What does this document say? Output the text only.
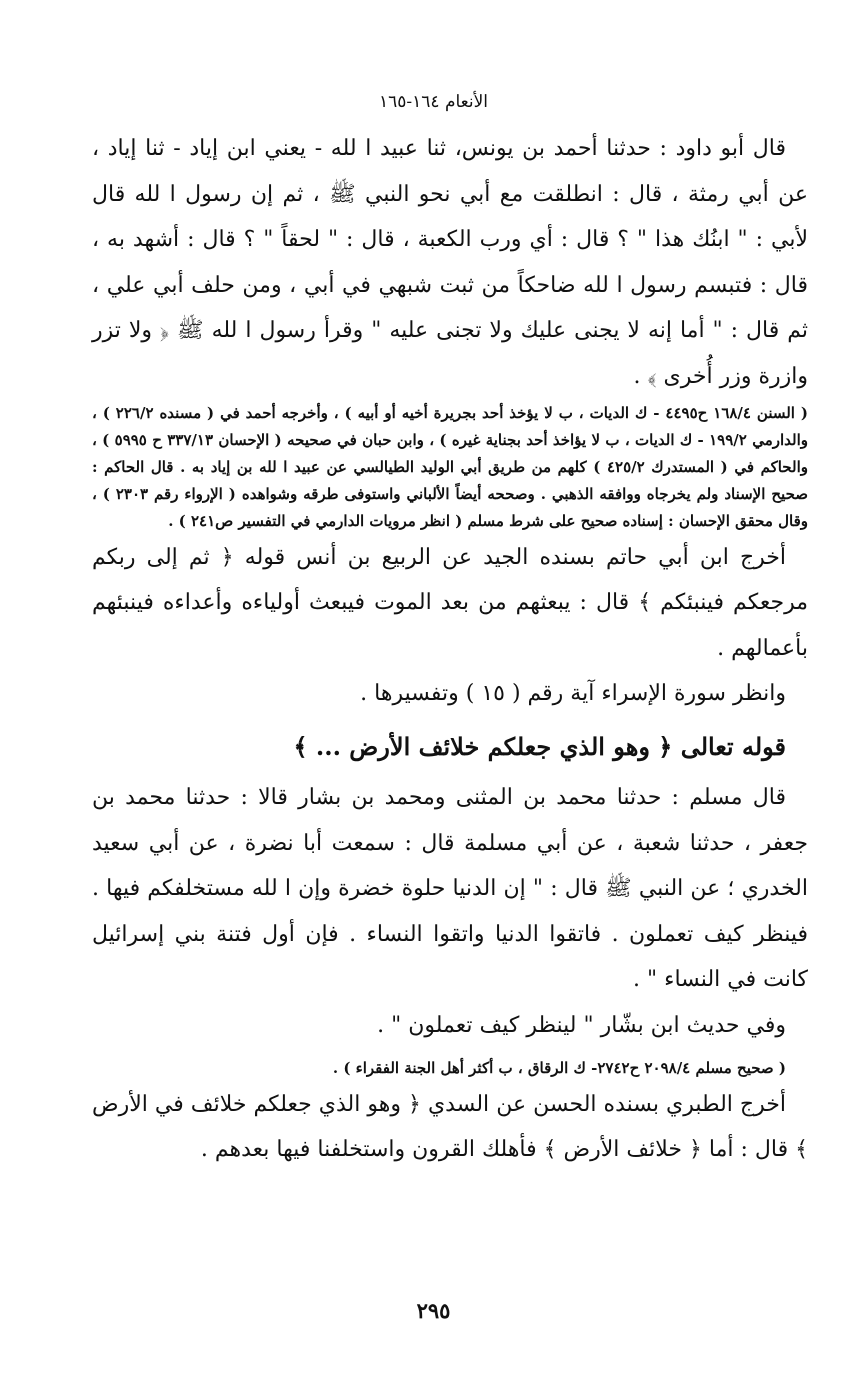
الأنعام ١٦٤-١٦٥

قال أبو داود : حدثنا أحمد بن يونس، ثنا عبيد ا لله - يعني ابن إياد - ثنا إياد ، عن أبي رمثة ، قال : انطلقت مع أبي نحو النبي ﷺ ، ثم إن رسول ا لله قال لأبي : " ابنُك هذا " ؟ قال : أي ورب الكعبة ، قال : " لحقاً " ؟ قال : أشهد به ، قال : فتبسم رسول ا لله ضاحكاً من ثبت شبهي في أبي ، ومن حلف أبي علي ، ثم قال : " أما إنه لا يجنى عليك ولا تجنى عليه " وقرأ رسول ا لله ﷺ ﴿ ولا تزر وازرة وزر أُخرى ﴾ .

( السنن ١٦٨/٤ ح٤٤٩٥ - ك الديات ، ب لا يؤخذ أحد بجريرة أخيه أو أبيه ) ، وأخرجه أحمد في ( مسنده ٢٢٦/٢ ) ، والدارمي ١٩٩/٢ - ك الديات ، ب لا يؤاخذ أحد بجناية غيره ) ، وابن حبان في صحيحه ( الإحسان ٣٣٧/١٣ ح ٥٩٩٥ ) ، والحاكم في ( المستدرك ٤٢٥/٢ ) كلهم من طريق أبي الوليد الطيالسي عن عبيد ا لله بن إياد به . قال الحاكم : صحيح الإسناد ولم يخرجاه ووافقه الذهبي . وصححه أيضاً الألباني واستوفى طرقه وشواهده ( الإرواء رقم ٢٣٠٣ ) ، وقال محقق الإحسان : إسناده صحيح على شرط مسلم ( انظر مرويات الدارمي في التفسير ص٢٤١ ) .

أخرج ابن أبي حاتم بسنده الجيد عن الربيع بن أنس قوله ﴿ ثم إلى ربكم مرجعكم فينبئكم ﴾ قال : يبعثهم من بعد الموت فيبعث أولياءه وأعداءه فينبئهم بأعمالهم .

وانظر سورة الإسراء آية رقم ( ١٥ ) وتفسيرها .

قوله تعالى ﴿ وهو الذي جعلكم خلائف الأرض ... ﴾

قال مسلم : حدثنا محمد بن المثنى ومحمد بن بشار قالا : حدثنا محمد بن جعفر ، حدثنا شعبة ، عن أبي مسلمة قال : سمعت أبا نضرة ، عن أبي سعيد الخدري ؛ عن النبي ﷺ قال : " إن الدنيا حلوة خضرة وإن ا لله مستخلفكم فيها . فينظر كيف تعملون . فاتقوا الدنيا واتقوا النساء . فإن أول فتنة بني إسرائيل كانت في النساء " .

وفي حديث ابن بشّار " لينظر كيف تعملون " .

( صحيح مسلم ٢٠٩٨/٤ ح٢٧٤٢- ك الرقاق ، ب أكثر أهل الجنة الفقراء ) .

أخرج الطبري بسنده الحسن عن السدي ﴿ وهو الذي جعلكم خلائف في الأرض ﴾ قال : أما ﴿ خلائف الأرض ﴾ فأهلك القرون واستخلفنا فيها بعدهم .

٢٩٥
